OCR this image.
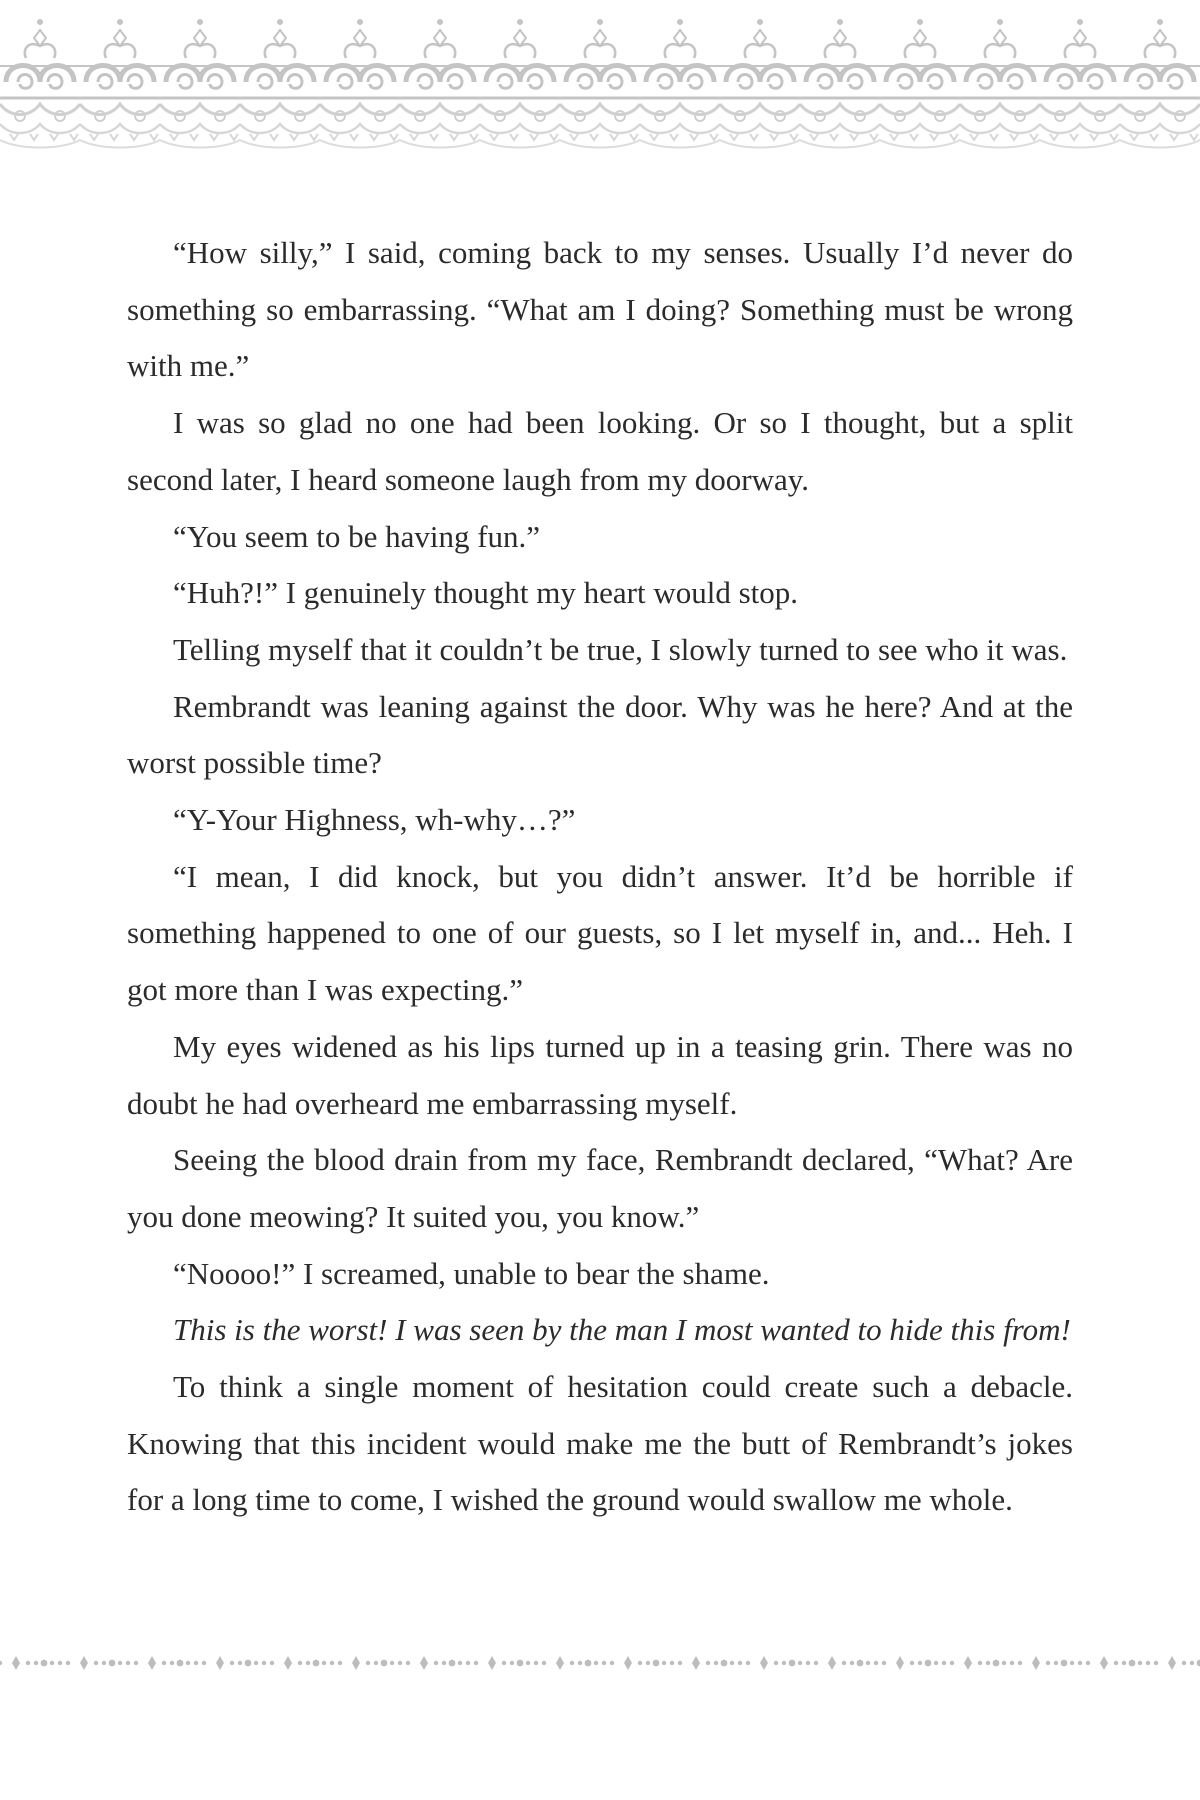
“How silly,” I said, coming back to my senses. Usually I’d never do something so embarrassing. “What am I doing? Something must be wrong with me.”

I was so glad no one had been looking. Or so I thought, but a split second later, I heard someone laugh from my doorway.

“You seem to be having fun.”

“Huh?!” I genuinely thought my heart would stop.

Telling myself that it couldn’t be true, I slowly turned to see who it was.

Rembrandt was leaning against the door. Why was he here? And at the worst possible time?

“Y-Your Highness, wh-why…?”

“I mean, I did knock, but you didn’t answer. It’d be horrible if something happened to one of our guests, so I let myself in, and... Heh. I got more than I was expecting.”

My eyes widened as his lips turned up in a teasing grin. There was no doubt he had overheard me embarrassing myself.

Seeing the blood drain from my face, Rembrandt declared, “What? Are you done meowing? It suited you, you know.”

“Noooo!” I screamed, unable to bear the shame.

This is the worst! I was seen by the man I most wanted to hide this from!

To think a single moment of hesitation could create such a debacle. Knowing that this incident would make me the butt of Rembrandt’s jokes for a long time to come, I wished the ground would swallow me whole.
